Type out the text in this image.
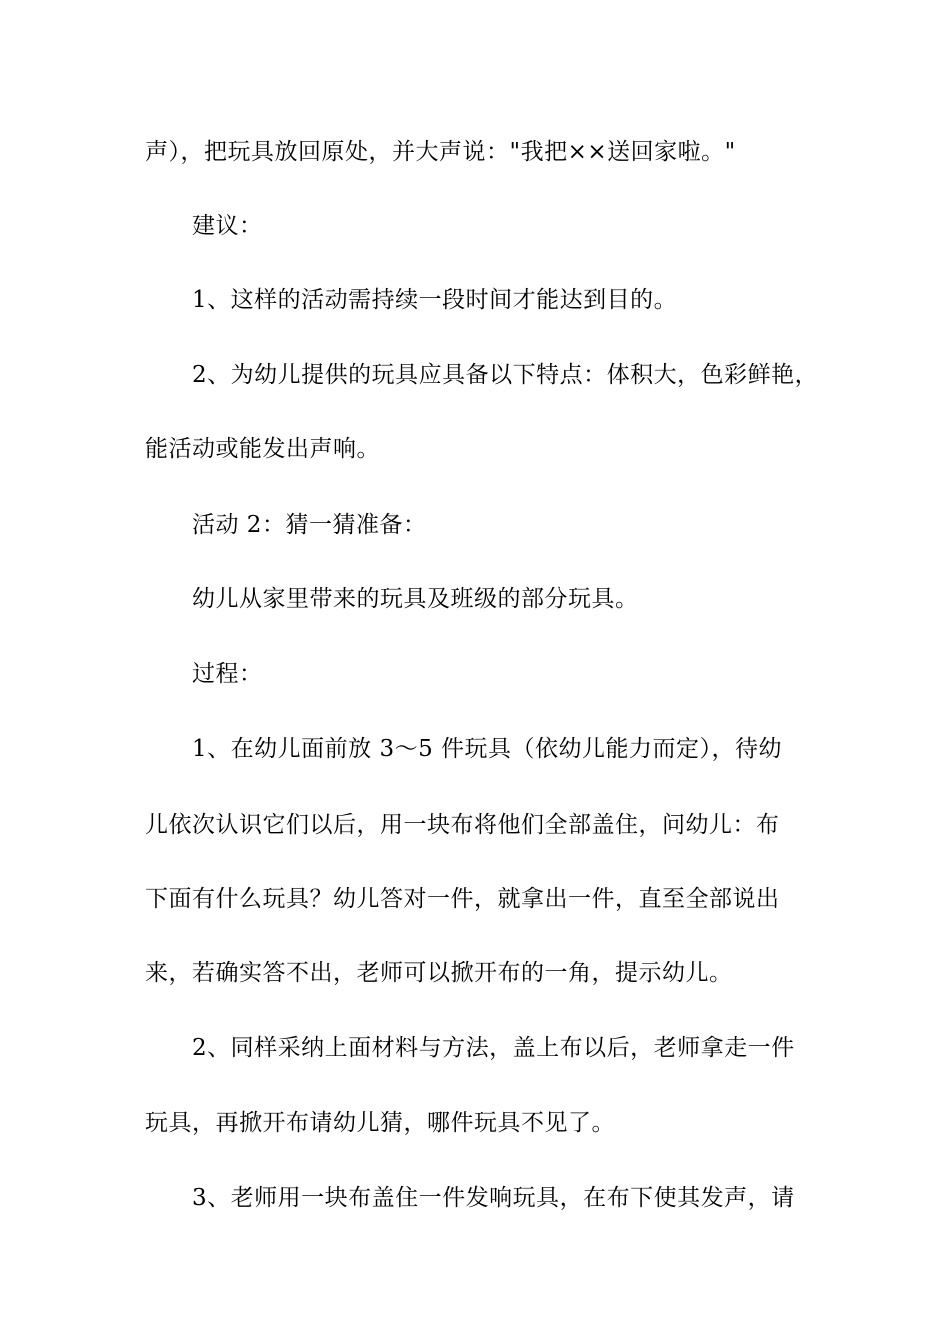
声），把玩具放回原处，并大声说："我把××送回家啦。"
建议：
1、这样的活动需持续一段时间才能达到目的。
2、为幼儿提供的玩具应具备以下特点：体积大，色彩鲜艳，
能活动或能发出声响。
活动 2：猜一猜准备：
幼儿从家里带来的玩具及班级的部分玩具。
过程：
1、在幼儿面前放 3～5 件玩具（依幼儿能力而定），待幼
儿依次认识它们以后，用一块布将他们全部盖住，问幼儿：布
下面有什么玩具？幼儿答对一件，就拿出一件，直至全部说出
来，若确实答不出，老师可以掀开布的一角，提示幼儿。
2、同样采纳上面材料与方法，盖上布以后，老师拿走一件
玩具，再掀开布请幼儿猜，哪件玩具不见了。
3、老师用一块布盖住一件发响玩具，在布下使其发声，请
